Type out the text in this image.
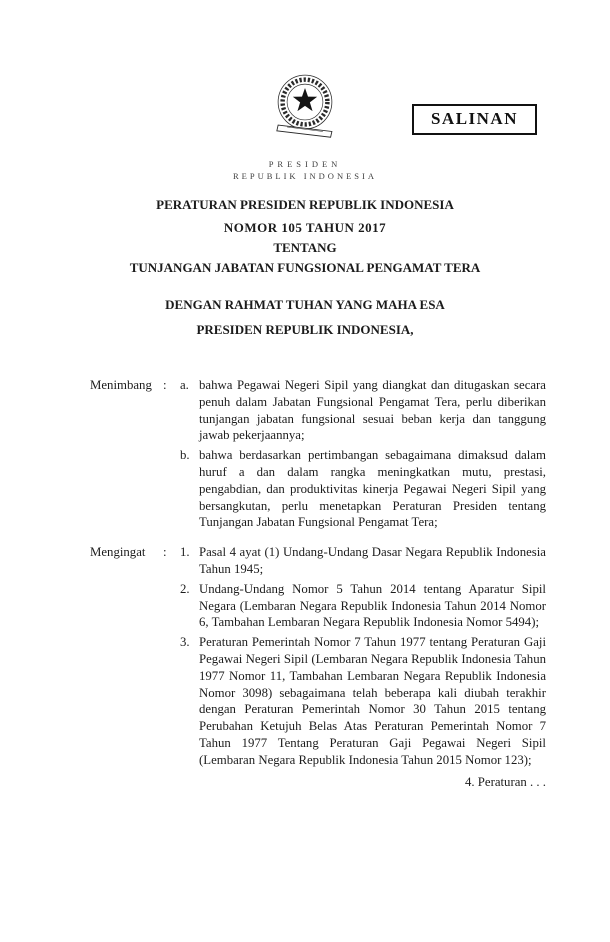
SALINAN
PRESIDEN
REPUBLIK INDONESIA
PERATURAN PRESIDEN REPUBLIK INDONESIA
NOMOR 105 TAHUN 2017
TENTANG
TUNJANGAN JABATAN FUNGSIONAL PENGAMAT TERA
DENGAN RAHMAT TUHAN YANG MAHA ESA
PRESIDEN REPUBLIK INDONESIA,
Menimbang :	a. bahwa Pegawai Negeri Sipil yang diangkat dan ditugaskan secara penuh dalam Jabatan Fungsional Pengamat Tera, perlu diberikan tunjangan jabatan fungsional sesuai beban kerja dan tanggung jawab pekerjaannya;
b. bahwa berdasarkan pertimbangan sebagaimana dimaksud dalam huruf a dan dalam rangka meningkatkan mutu, prestasi, pengabdian, dan produktivitas kinerja Pegawai Negeri Sipil yang bersangkutan, perlu menetapkan Peraturan Presiden tentang Tunjangan Jabatan Fungsional Pengamat Tera;
Mengingat	:	1. Pasal 4 ayat (1) Undang-Undang Dasar Negara Republik Indonesia Tahun 1945;
2. Undang-Undang Nomor 5 Tahun 2014 tentang Aparatur Sipil Negara (Lembaran Negara Republik Indonesia Tahun 2014 Nomor 6, Tambahan Lembaran Negara Republik Indonesia Nomor 5494);
3. Peraturan Pemerintah Nomor 7 Tahun 1977 tentang Peraturan Gaji Pegawai Negeri Sipil (Lembaran Negara Republik Indonesia Tahun 1977 Nomor 11, Tambahan Lembaran Negara Republik Indonesia Nomor 3098) sebagaimana telah beberapa kali diubah terakhir dengan Peraturan Pemerintah Nomor 30 Tahun 2015 tentang Perubahan Ketujuh Belas Atas Peraturan Pemerintah Nomor 7 Tahun 1977 Tentang Peraturan Gaji Pegawai Negeri Sipil (Lembaran Negara Republik Indonesia Tahun 2015 Nomor 123);
4. Peraturan . . .
